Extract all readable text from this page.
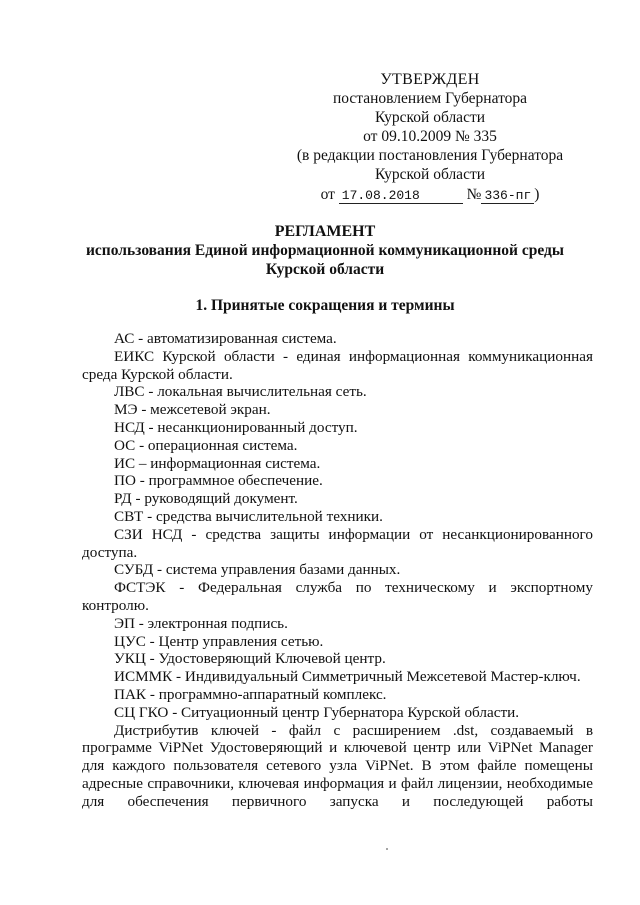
УТВЕРЖДЕН
постановлением Губернатора
Курской области
от 09.10.2009 № 335
(в редакции постановления Губернатора
Курской области
от 17.08.2018	№ 336-пг )
РЕГЛАМЕНТ
использования Единой информационной коммуникационной среды
Курской области
1. Принятые сокращения и термины

АС - автоматизированная система.

ЕИКС Курской области - единая информационная коммуникационная среда Курской области.

ЛВС - локальная вычислительная сеть.

МЭ - межсетевой экран.

НСД - несанкционированный доступ.

ОС - операционная система.

ИС – информационная система.

ПО - программное обеспечение.

РД - руководящий документ.

СВТ - средства вычислительной техники.

СЗИ НСД - средства защиты информации от несанкционированного доступа.

СУБД - система управления базами данных.

ФСТЭК - Федеральная служба по техническому и экспортному контролю.

ЭП - электронная подпись.

ЦУС - Центр управления сетью.

УКЦ - Удостоверяющий Ключевой центр.

ИСММК - Индивидуальный Симметричный Межсетевой Мастер-ключ.

ПАК - программно-аппаратный комплекс.

СЦ ГКО - Ситуационный центр Губернатора Курской области.

Дистрибутив ключей - файл с расширением .dst, создаваемый в программе ViPNet Удостоверяющий и ключевой центр или ViPNet Manager для каждого пользователя сетевого узла ViPNet. В этом файле помещены адресные справочники, ключевая информация и файл лицензии, необходимые для обеспечения первичного запуска и последующей работы
